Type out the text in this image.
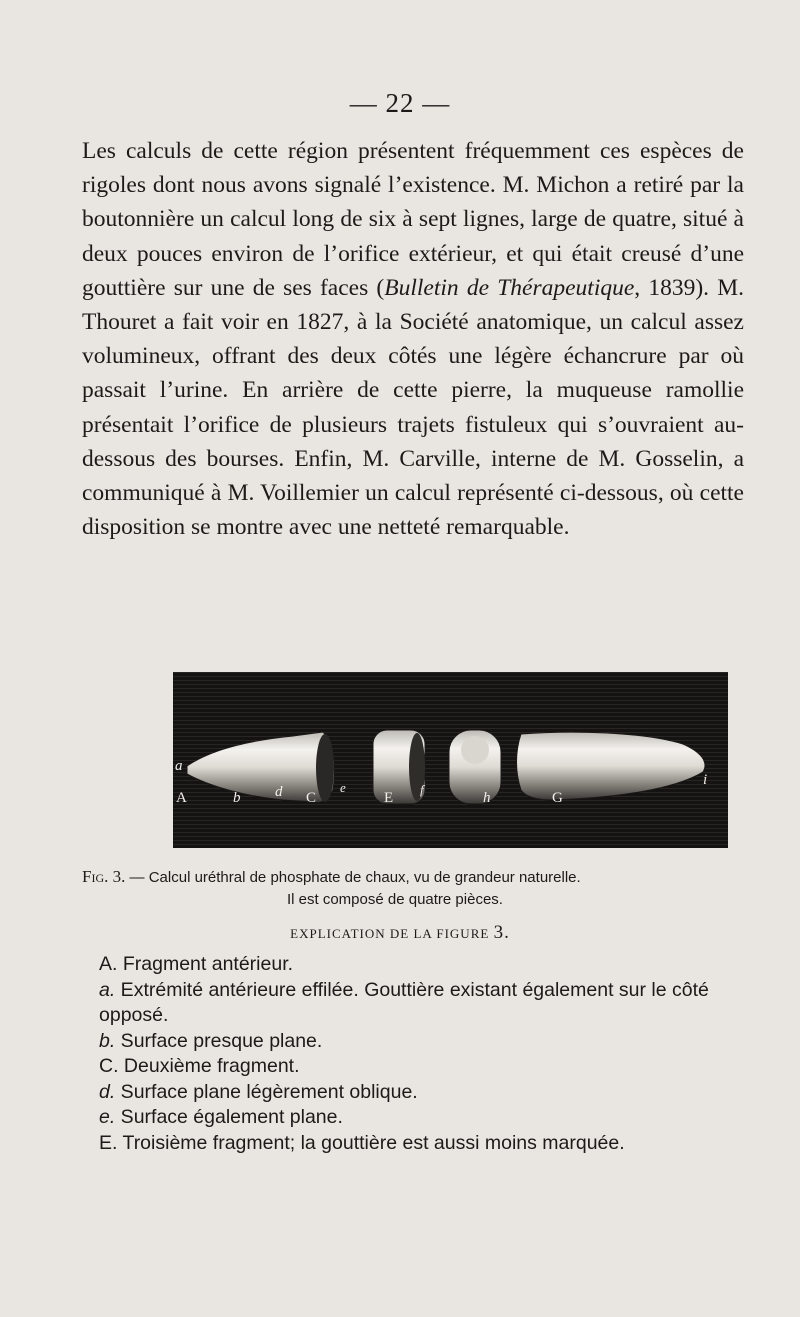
— 22 —

Les calculs de cette région présentent fréquemment ces espèces de rigoles dont nous avons signalé l’existence. M. Michon a retiré par la boutonnière un calcul long de six à sept lignes, large de quatre, situé à deux pouces environ de l’orifice extérieur, et qui était creusé d’une gouttière sur une de ses faces (Bulletin de Thérapeutique, 1839). M. Thouret a fait voir en 1827, à la Société anatomique, un calcul assez volumineux, offrant des deux côtés une légère échancrure par où passait l’urine. En arrière de cette pierre, la muqueuse ramollie présentait l’orifice de plusieurs trajets fistuleux qui s’ouvraient au-dessous des bourses. Enfin, M. Carville, interne de M. Gosselin, a communiqué à M. Voillemier un calcul représenté ci-dessous, où cette disposition se montre avec une netteté remarquable.

a
A	b d C
e
E
f
h	G
i

Fig. 3. — Calcul uréthral de phosphate de chaux, vu de grandeur naturelle.
Il est composé de quatre pièces.

EXPLICATION DE LA FIGURE 3.
A. Fragment antérieur.
a. Extrémité antérieure effilée. Gouttière existant également sur le côté opposé.
b. Surface presque plane.
C. Deuxième fragment.
d. Surface plane légèrement oblique.
e. Surface également plane.
E. Troisième fragment; la gouttière est aussi moins marquée.
